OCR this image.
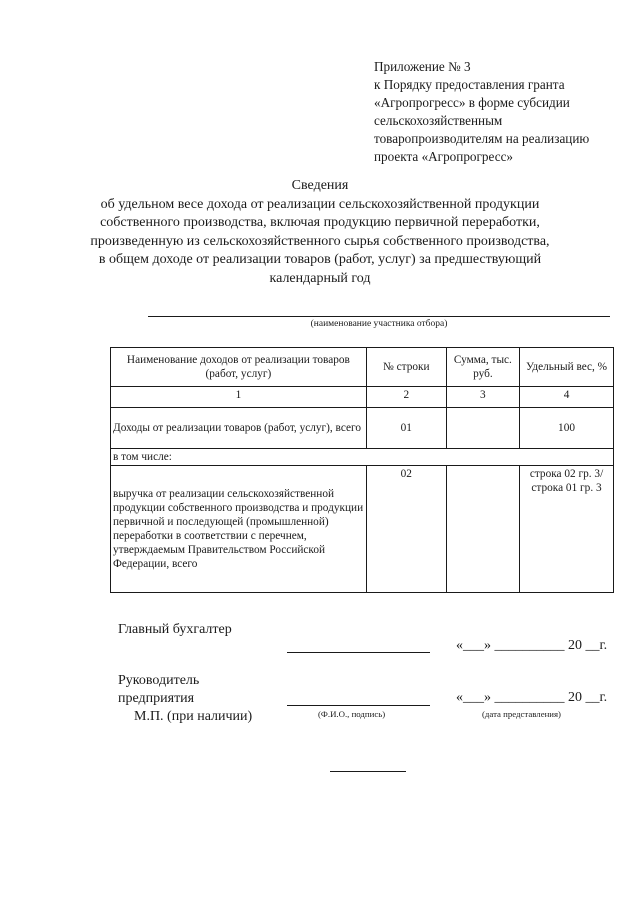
Приложение № 3
к Порядку предоставления гранта
«Агропрогресс» в форме субсидии
сельскохозяйственным
товаропроизводителям на реализацию
проекта «Агропрогресс»
Сведения
об удельном весе дохода от реализации сельскохозяйственной продукции
собственного производства, включая продукцию первичной переработки,
произведенную из сельскохозяйственного сырья собственного производства,
в общем доходе от реализации товаров (работ, услуг) за предшествующий
календарный год
(наименование участника отбора)
Наименование доходов от реализации товаров (работ, услуг)	№ строки	Сумма, тыс. руб.	Удельный вес, %
1	2	3	4
Доходы от реализации товаров (работ, услуг), всего	01		100
в том числе:			
выручка от реализации сельскохозяйственной продукции собственного производства и продукции первичной и последующей (промышленной) переработки в соответствии с перечнем, утверждаемым Правительством Российской Федерации, всего	02		строка 02 гр. 3/ строка 01 гр. 3
Главный бухгалтер
«___» __________ 20 __г.
Руководитель
предприятия
М.П. (при наличии)	(Ф.И.О., подпись)
«___» __________ 20 __г.
(дата представления)
